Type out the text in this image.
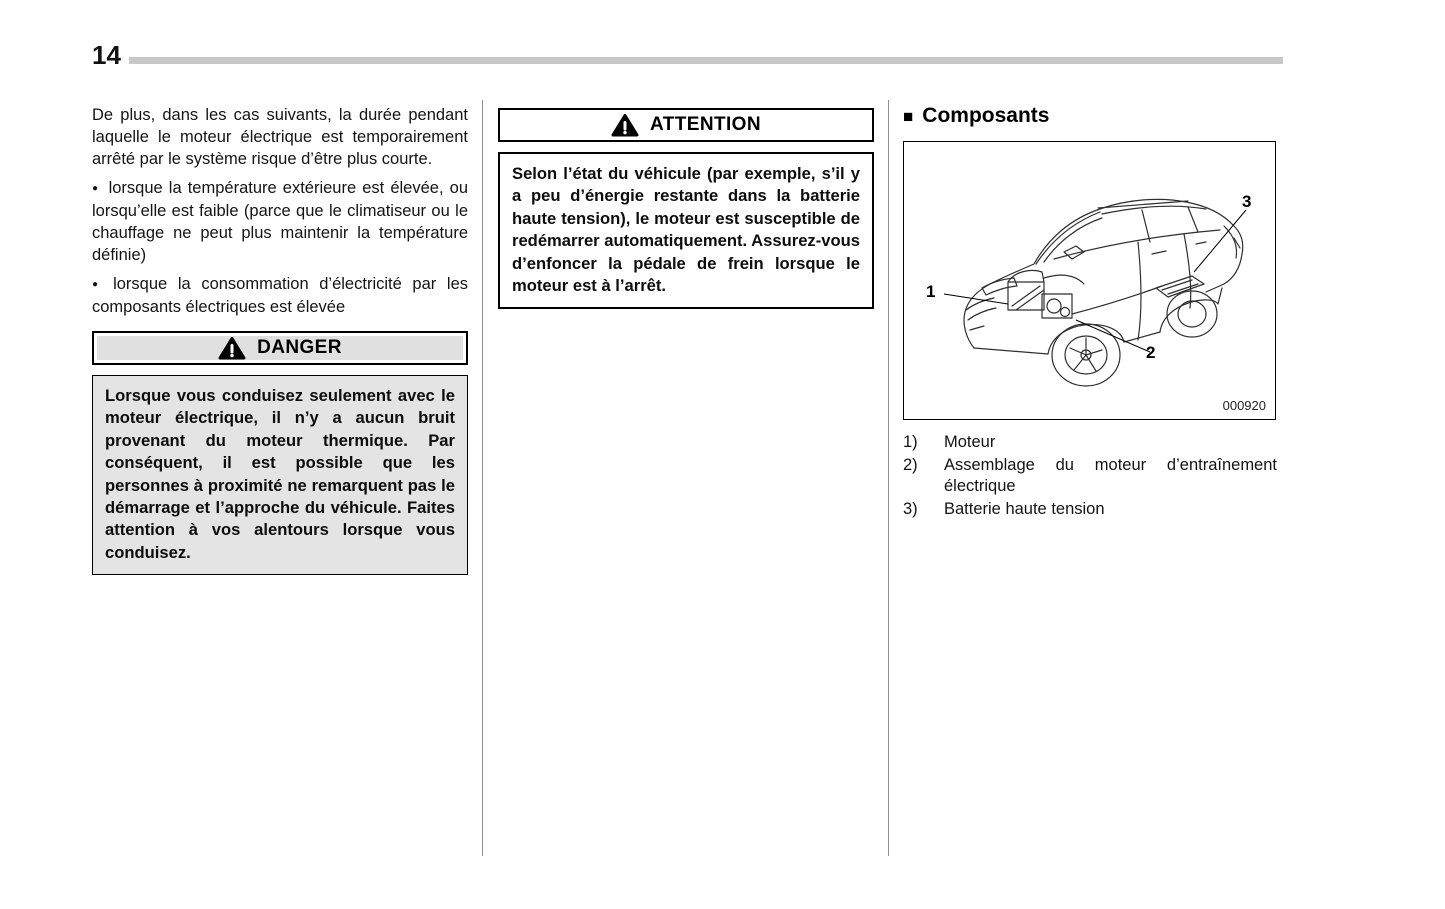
14

De plus, dans les cas suivants, la durée pendant laquelle le moteur électrique est temporairement arrêté par le système risque d’être plus courte.

● lorsque la température extérieure est élevée, ou lorsqu’elle est faible (parce que le climatiseur ou le chauffage ne peut plus maintenir la température définie)

● lorsque la consommation d’électricité par les composants électriques est élevée

DANGER
Lorsque vous conduisez seulement avec le moteur électrique, il n’y a aucun bruit provenant du moteur thermique. Par conséquent, il est possible que les personnes à proximité ne remarquent pas le démarrage et l’approche du véhicule. Faites attention à vos alentours lorsque vous conduisez.
ATTENTION
Selon l’état du véhicule (par exemple, s’il y a peu d’énergie restante dans la batterie haute tension), le moteur est susceptible de redémarrer automatiquement. Assurez-vous d’enfoncer la pédale de frein lorsque le moteur est à l’arrêt.
■ Composants
1
2
3
000920
1)	Moteur
2)	Assemblage du moteur d’entraînement électrique
3)	Batterie haute tension
